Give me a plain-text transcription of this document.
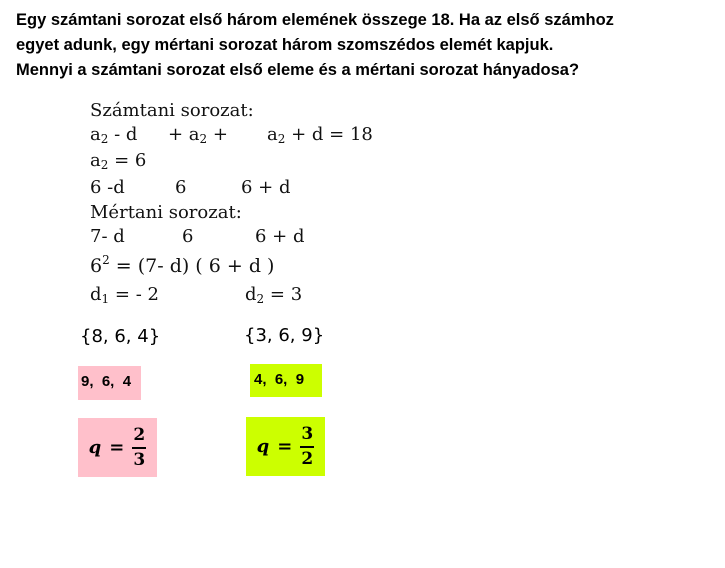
Egy számtani sorozat első három elemének összege 18. Ha az első számhoz
egyet adunk, egy mértani sorozat három szomszédos elemét kapjuk.
Mennyi a számtani sorozat első eleme és a mértani sorozat hányadosa?
Számtani sorozat:
$a_2 - d + a_2 + a_2 + d = 18$
$a_2 = 6$
6 -d	6	6 + d
Mértani sorozat:
7- d	6	6 + d
$6^2 = (7-$ d) ( 6 + d )
$d_1$ = - 2	$d_2 = 3$
{8, 6, 4}	{3, 6, 9}
9,  6,  4	4,  6,  9
$q = \frac{2}{3}$	$q = \frac{3}{2}$
